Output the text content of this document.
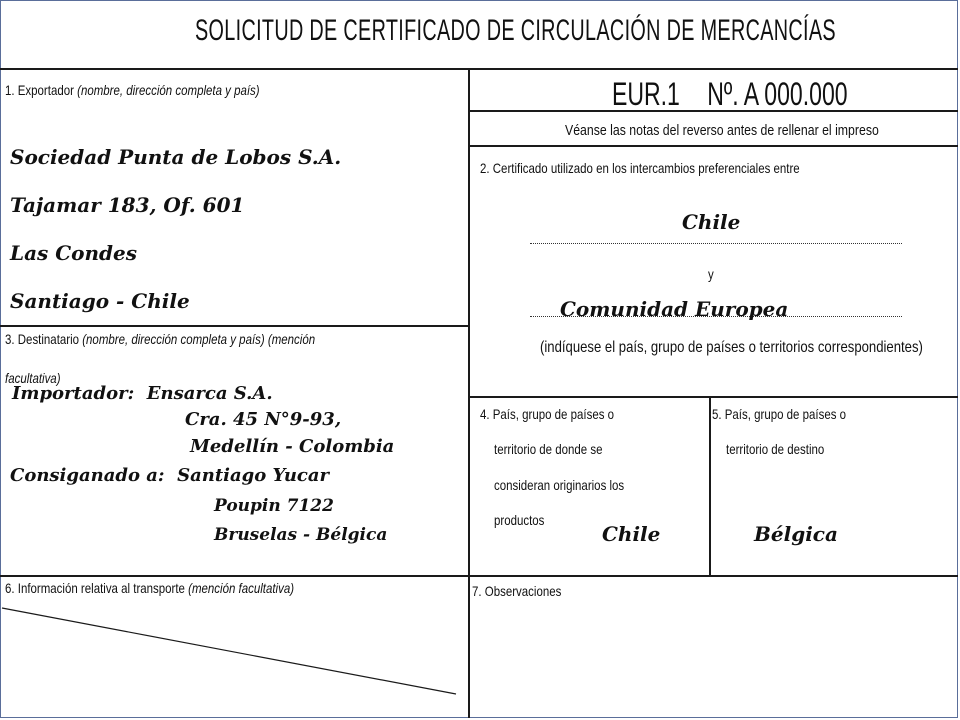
SOLICITUD DE CERTIFICADO DE CIRCULACIÓN DE MERCANCÍAS
EUR.1 Nº. A 000.000
Véanse las notas del reverso antes de rellenar el impreso
1. Exportador (nombre, dirección completa y país)
Sociedad Punta de Lobos S.A.
Tajamar 183, Of. 601
Las Condes
Santiago - Chile
2. Certificado utilizado en los intercambios preferenciales entre
Chile
y
Comunidad Europea
(indíquese el país, grupo de países o territorios correspondientes)
3. Destinatario (nombre, dirección completa y país) (mención
facultativa)
Importador: Ensarca S.A.
Cra. 45 N°9-93,
Medellín - Colombia
Consiganado a: Santiago Yucar
Poupin 7122
Bruselas - Bélgica
4. País, grupo de países o
territorio de donde se
consideran originarios los
productos
Chile
5. País, grupo de países o
territorio de destino
Bélgica
6. Información relativa al transporte (mención facultativa)	7. Observaciones
